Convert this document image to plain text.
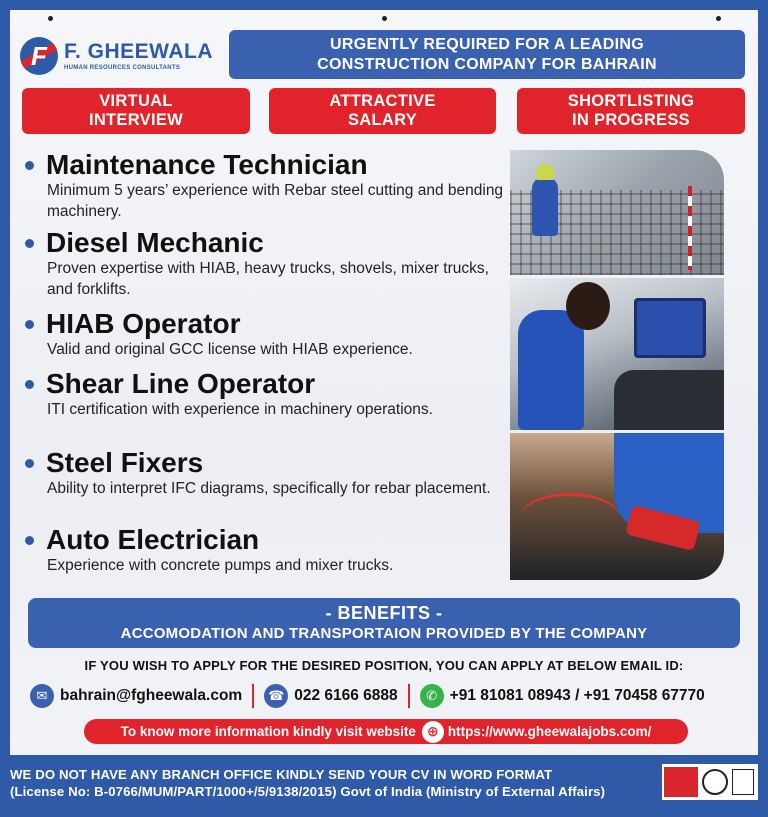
F
F. GHEEWALA
HUMAN RESOURCES CONSULTANTS
URGENTLY REQUIRED FOR A LEADING
CONSTRUCTION COMPANY FOR BAHRAIN
VIRTUAL
INTERVIEW
ATTRACTIVE
SALARY
SHORTLISTING
IN PROGRESS
Maintenance Technician
Minimum 5 years’ experience with Rebar steel cutting and bending machinery.
Diesel Mechanic
Proven expertise with HIAB, heavy trucks, shovels, mixer trucks, and forklifts.
HIAB Operator
Valid and original GCC license with HIAB experience.
Shear Line Operator
ITI certification with experience in machinery operations.
Steel Fixers
Ability to interpret IFC diagrams, specifically for rebar placement.
Auto Electrician
Experience with concrete pumps and mixer trucks.
- BENEFITS -
ACCOMODATION AND TRANSPORTAION PROVIDED BY THE COMPANY
IF YOU WISH TO APPLY FOR THE DESIRED POSITION, YOU CAN APPLY AT BELOW EMAIL ID:
✉ bahrain@fgheewala.com ☎ 022 6166 6888	✆ +91 81081 08943 / +91 70458 67770
To know more information kindly visit website ⊕ https://www.gheewalajobs.com/
WE DO NOT HAVE ANY BRANCH OFFICE KINDLY SEND YOUR CV IN WORD FORMAT
(License No: B-0766/MUM/PART/1000+/5/9138/2015) Govt of India (Ministry of External Affairs)
